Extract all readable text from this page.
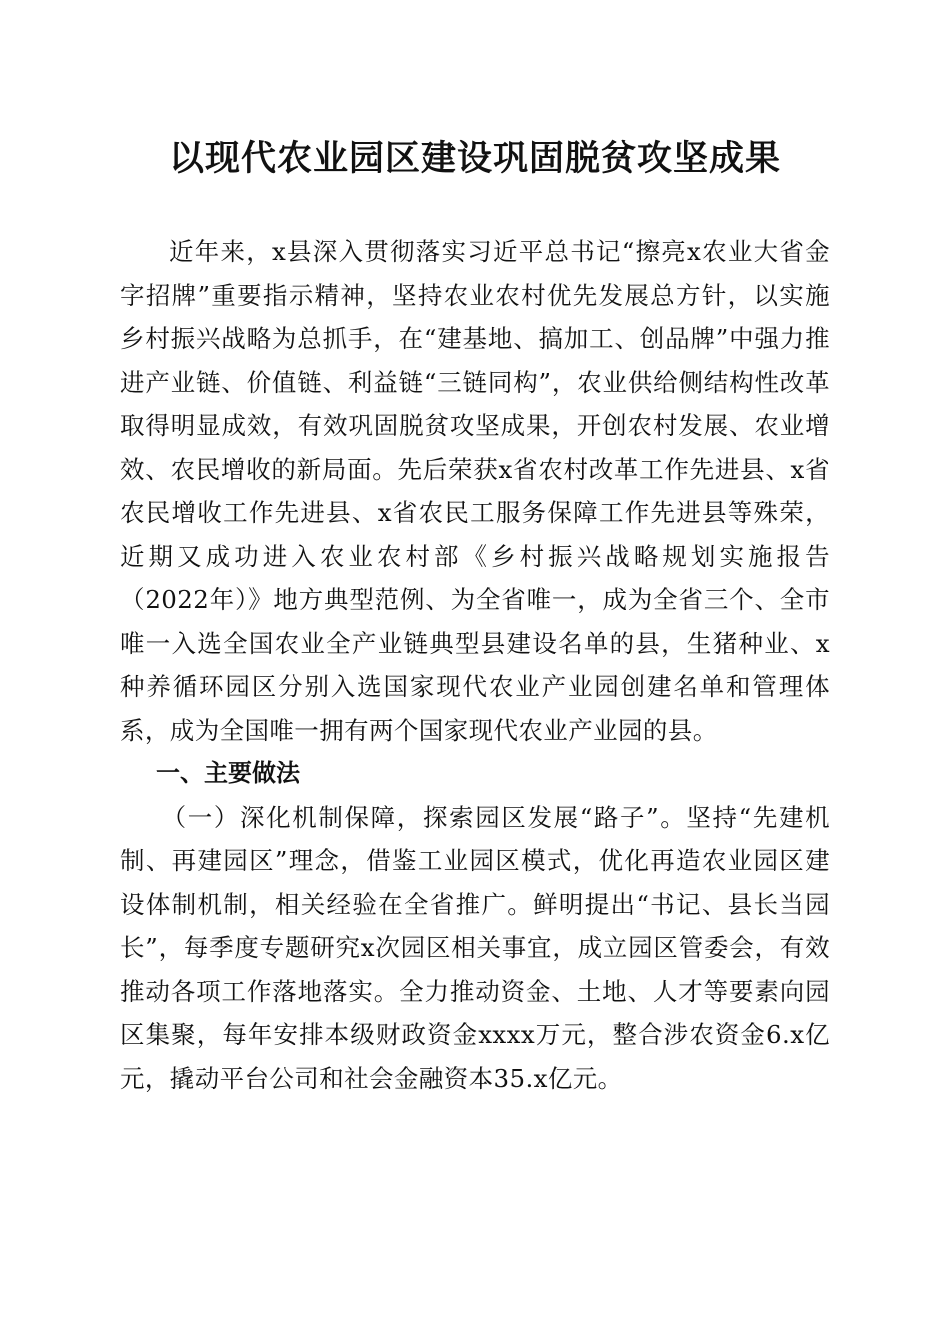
以现代农业园区建设巩固脱贫攻坚成果

近年来，x县深入贯彻落实习近平总书记“擦亮x农业大省金字招牌”重要指示精神，坚持农业农村优先发展总方针，以实施乡村振兴战略为总抓手，在“建基地、搞加工、创品牌”中强力推进产业链、价值链、利益链“三链同构”，农业供给侧结构性改革取得明显成效，有效巩固脱贫攻坚成果，开创农村发展、农业增效、农民增收的新局面。先后荣获x省农村改革工作先进县、x省农民增收工作先进县、x省农民工服务保障工作先进县等殊荣，近期又成功进入农业农村部《乡村振兴战略规划实施报告（2022年）》地方典型范例、为全省唯一，成为全省三个、全市唯一入选全国农业全产业链典型县建设名单的县，生猪种业、x种养循环园区分别入选国家现代农业产业园创建名单和管理体系，成为全国唯一拥有两个国家现代农业产业园的县。

一、主要做法

（一）深化机制保障，探索园区发展“路子”。坚持“先建机制、再建园区”理念，借鉴工业园区模式，优化再造农业园区建设体制机制，相关经验在全省推广。鲜明提出“书记、县长当园长”，每季度专题研究x次园区相关事宜，成立园区管委会，有效推动各项工作落地落实。全力推动资金、土地、人才等要素向园区集聚，每年安排本级财政资金xxxx万元，整合涉农资金6.x亿元，撬动平台公司和社会金融资本35.x亿元。
